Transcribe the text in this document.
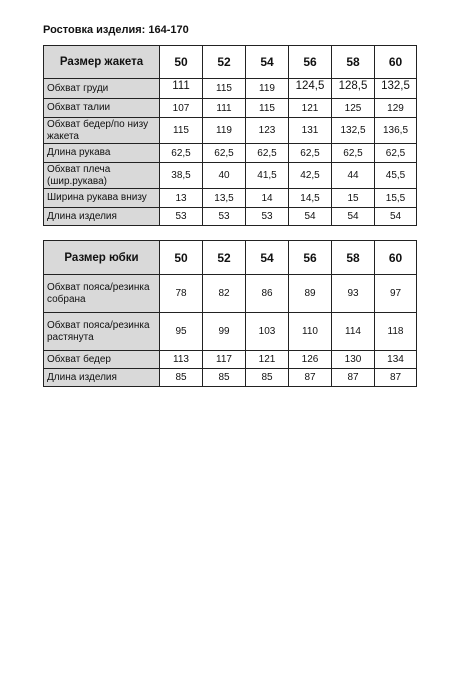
Ростовка изделия: 164-170
Размер жакета	50	52	54	56	58	60
Обхват груди	111	115	119	124,5	128,5	132,5
Обхват талии	107	111	115	121	125	129
Обхват бедер/по низу жакета	115	119	123	131	132,5	136,5
Длина рукава	62,5	62,5	62,5	62,5	62,5	62,5
Обхват плеча (шир.рукава)	38,5	40	41,5	42,5	44	45,5
Ширина рукава внизу	13	13,5	14	14,5	15	15,5
Длина изделия	53	53	53	54	54	54
Размер юбки	50	52	54	56	58	60
Обхват пояса/резинка собрана	78	82	86	89	93	97
Обхват пояса/резинка растянута	95	99	103	110	114	118
Обхват бедер	113	117	121	126	130	134
Длина изделия	85	85	85	87	87	87
